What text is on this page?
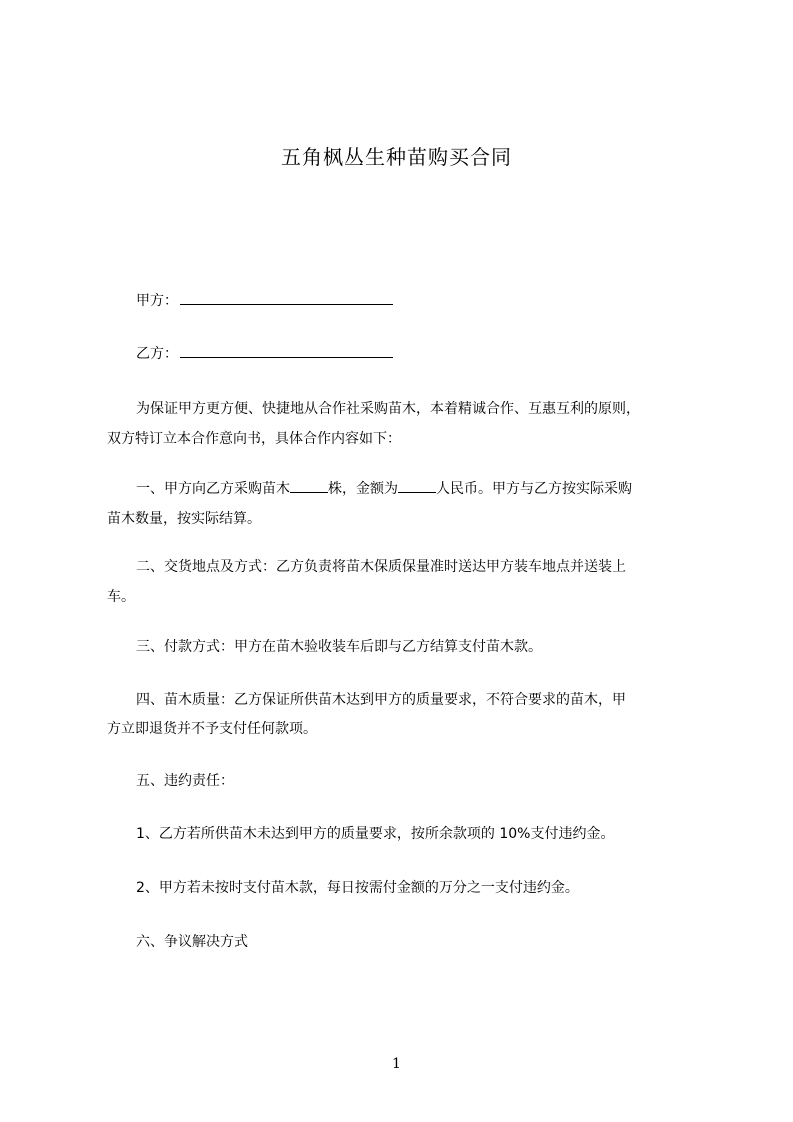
五角枫丛生种苗购买合同
甲方：
乙方：
为保证甲方更方便、快捷地从合作社采购苗木，本着精诚合作、互惠互利的原则，
双方特订立本合作意向书，具体合作内容如下：
一、甲方向乙方采购苗木	株，金额为	人民币。甲方与乙方按实际采购
苗木数量，按实际结算。
二、交货地点及方式：乙方负责将苗木保质保量准时送达甲方装车地点并送装上
车。
三、付款方式：甲方在苗木验收装车后即与乙方结算支付苗木款。
四、苗木质量：乙方保证所供苗木达到甲方的质量要求，不符合要求的苗木，甲
方立即退货并不予支付任何款项。
五、违约责任：
1、乙方若所供苗木未达到甲方的质量要求，按所余款项的 10%支付违约金。
2、甲方若未按时支付苗木款，每日按需付金额的万分之一支付违约金。
六、争议解决方式
1
